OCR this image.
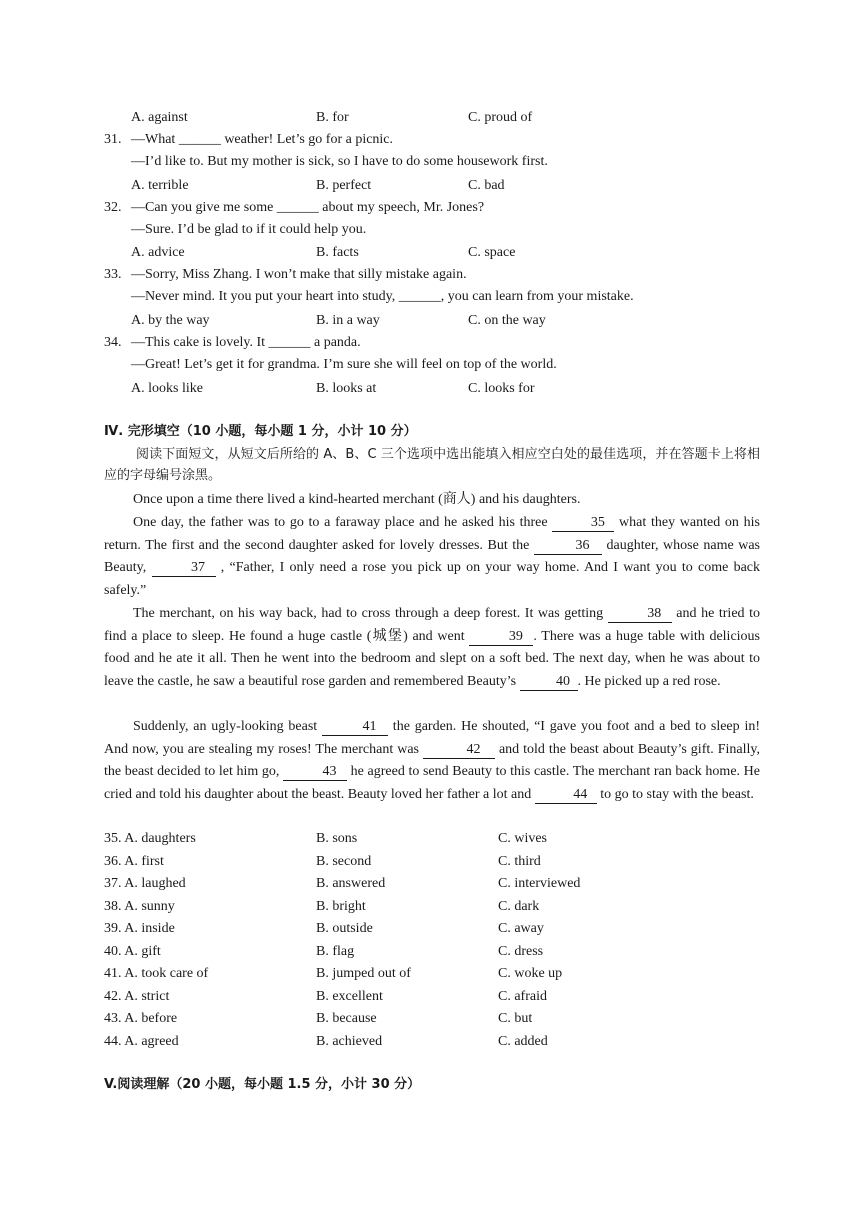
A. against	B. for	C. proud of
31. —What ______ weather! Let’s go for a picnic.
—I’d like to. But my mother is sick, so I have to do some housework first.
A. terrible	B. perfect	C. bad
32. —Can you give me some ______ about my speech, Mr. Jones?
—Sure. I’d be glad to if it could help you.
A. advice	B. facts	C. space
33. —Sorry, Miss Zhang. I won’t make that silly mistake again.
—Never mind. It you put your heart into study, ______, you can learn from your mistake.
A. by the way	B. in a way	C. on the way
34. —This cake is lovely. It ______ a panda.
—Great! Let’s get it for grandma. I’m sure she will feel on top of the world.
A. looks like	B. looks at	C. looks for
Ⅳ. 完形填空（10 小题，每小题 1 分，小计 10 分）
阅读下面短文，从短文后所给的 A、B、C 三个选项中选出能填入相应空白处的最佳选项，并在答题卡上将相应的字母编号涂黑。
Once upon a time there lived a kind-hearted merchant (商人) and his daughters.
One day, the father was to go to a faraway place and he asked his three	35 what they wanted on his return. The first and the second daughter asked for lovely dresses. But the	36 daughter, whose name was Beauty,	37 , “Father, I only need a rose you pick up on your way home. And I want you to come back safely.”
The merchant, on his way back, had to cross through a deep forest. It was getting	38 and he tried to find a place to sleep. He found a huge castle (城堡) and went	39 . There was a huge table with delicious food and he ate it all. Then he went into the bedroom and slept on a soft bed. The next day, when he was about to leave the castle, he saw a beautiful rose garden and remembered Beauty’s	40 . He picked up a red rose.
Suddenly, an ugly-looking beast	41 the garden. He shouted, “I gave you foot and a bed to sleep in! And now, you are stealing my roses! The merchant was	42 and told the beast about Beauty’s gift. Finally, the beast decided to let him go,	43 he agreed to send Beauty to this castle. The merchant ran back home. He cried and told his daughter about the beast. Beauty loved her father a lot and	44 to go to stay with the beast.
35. A. daughters	B. sons	C. wives
36. A. first	B. second	C. third
37. A. laughed	B. answered	C. interviewed
38. A. sunny	B. bright	C. dark
39. A. inside	B. outside	C. away
40. A. gift	B. flag	C. dress
41. A. took care of	B. jumped out of	C. woke up
42. A. strict	B. excellent	C. afraid
43. A. before	B. because	C. but
44. A. agreed	B. achieved	C. added
V.阅读理解（20 小题，每小题 1.5 分，小计 30 分）
